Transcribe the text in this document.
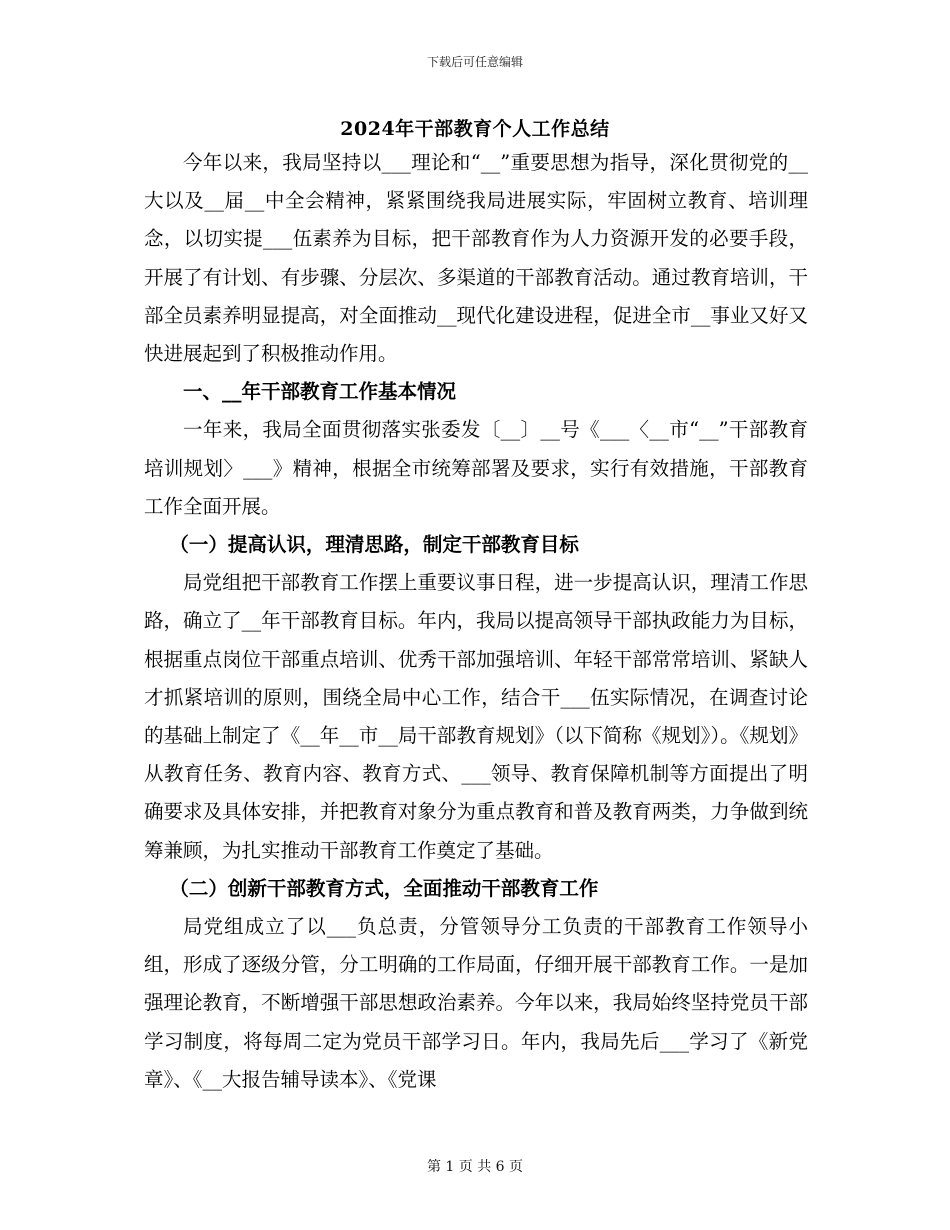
下载后可任意编辑
2024年干部教育个人工作总结

今年以来，我局坚持以___理论和“__”重要思想为指导，深化贯彻党的__大以及__届__中全会精神，紧紧围绕我局进展实际，牢固树立教育、培训理念，以切实提___伍素养为目标，把干部教育作为人力资源开发的必要手段，开展了有计划、有步骤、分层次、多渠道的干部教育活动。通过教育培训，干部全员素养明显提高，对全面推动__现代化建设进程，促进全市__事业又好又快进展起到了积极推动作用。

一、__年干部教育工作基本情况

一年来，我局全面贯彻落实张委发〔__〕__号《___〈__市“__”干部教育培训规划〉___》精神，根据全市统筹部署及要求，实行有效措施，干部教育工作全面开展。

（一）提高认识，理清思路，制定干部教育目标

局党组把干部教育工作摆上重要议事日程，进一步提高认识，理清工作思路，确立了__年干部教育目标。年内，我局以提高领导干部执政能力为目标，根据重点岗位干部重点培训、优秀干部加强培训、年轻干部常常培训、紧缺人才抓紧培训的原则，围绕全局中心工作，结合干___伍实际情况，在调查讨论的基础上制定了《__年__市__局干部教育规划》（以下简称《规划》）。《规划》从教育任务、教育内容、教育方式、___领导、教育保障机制等方面提出了明确要求及具体安排，并把教育对象分为重点教育和普及教育两类，力争做到统筹兼顾，为扎实推动干部教育工作奠定了基础。

（二）创新干部教育方式，全面推动干部教育工作

局党组成立了以___负总责，分管领导分工负责的干部教育工作领导小组，形成了逐级分管，分工明确的工作局面，仔细开展干部教育工作。一是加强理论教育，不断增强干部思想政治素养。今年以来，我局始终坚持党员干部学习制度，将每周二定为党员干部学习日。年内，我局先后___学习了《新党章》、《__大报告辅导读本》、《党课

第 1 页 共 6 页
